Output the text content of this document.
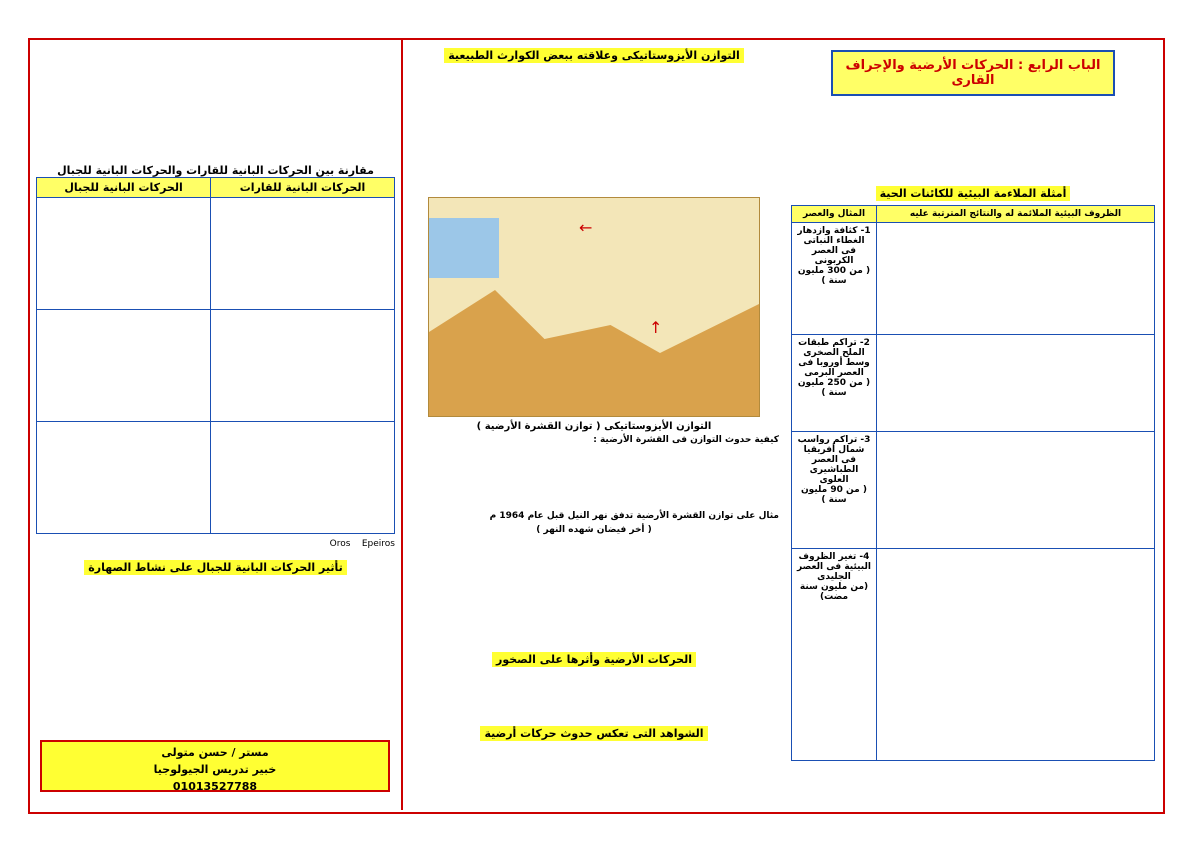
الباب الرابع : الحركات الأرضية والإجراف القارى

أمثلة الملاءمة البيئية للكائنات الحية
الظروف البيئية الملائمة له والنتائج المترتبة عليه	المثال والعصر

	1- كثافة وازدهار الغطاء النباتى فى العصر الكربونى
( من 300 مليون سنة )

	2- تراكم طبقات الملح الصخرى وسط أوروبا فى العصر البرمى
( من 250 مليون سنة )

	3- تراكم رواسب شمال أفريقيا فى العصر الطباشيرى العلوى
( من 90 مليون سنة )

	4- تغير الظروف البيئية فى العصر الجليدى
(من مليون سنة مضت)
التوازن الأيزوستاتيكى وعلاقته ببعض الكوارث الطبيعية
←
↑
التوازن الأيزوستاتيكى ( توازن القشرة الأرضية )

كيفية حدوث التوازن فى القشرة الأرضية :

مثال على توازن القشرة الأرضية تدفق نهر النيل قبل عام 1964 م

( أخر فيضان شهده النهر )

الحركات الأرضية وأثرها على الصخور
الشواهد التى تعكس حدوث حركات أرضية
مقارنة بين الحركات البانية للقارات والحركات البانية للجبال
الحركات البانية للقارات	الحركات البانية للجبال

Oros Epeiros
تأثير الحركات البانية للجبال على نشاط الصهارة
مستر / حسن متولى
خبير تدريس الجيولوجيا
01013527788
